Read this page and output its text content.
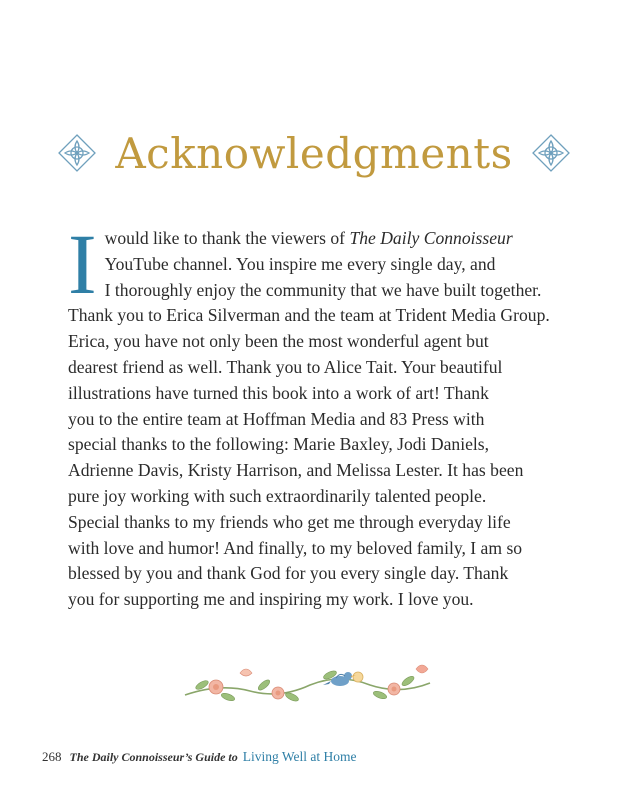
Acknowledgments
I would like to thank the viewers of The Daily Connoisseur
YouTube channel. You inspire me every single day, and
I thoroughly enjoy the community that we have built together.
Thank you to Erica Silverman and the team at Trident Media Group.
Erica, you have not only been the most wonderful agent but
dearest friend as well. Thank you to Alice Tait. Your beautiful
illustrations have turned this book into a work of art! Thank
you to the entire team at Hoffman Media and 83 Press with
special thanks to the following: Marie Baxley, Jodi Daniels,
Adrienne Davis, Kristy Harrison, and Melissa Lester. It has been
pure joy working with such extraordinarily talented people.
Special thanks to my friends who get me through everyday life
with love and humor! And finally, to my beloved family, I am so
blessed by you and thank God for you every single day. Thank
you for supporting me and inspiring my work. I love you.
268 The Daily Connoisseur’s Guide to Living Well at Home
